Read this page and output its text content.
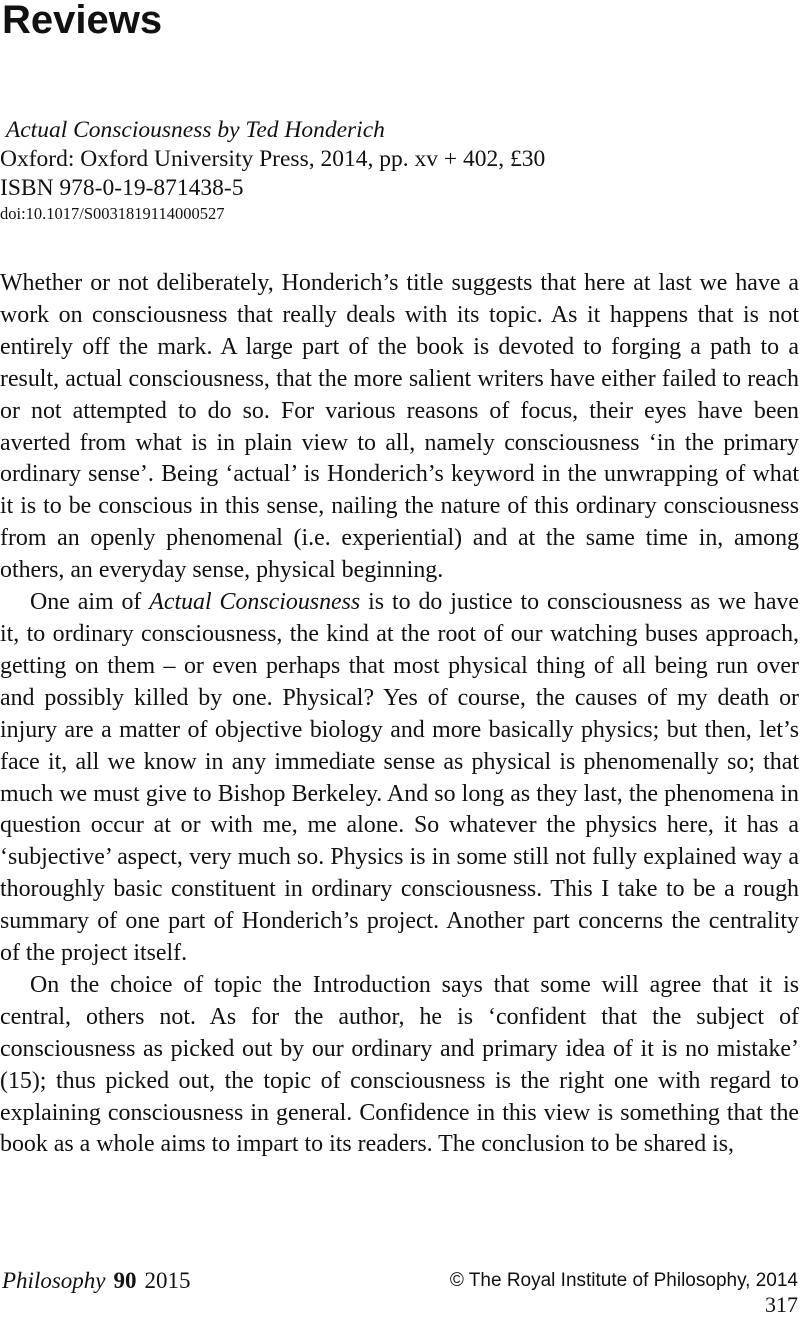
Reviews
Actual Consciousness by Ted Honderich
Oxford: Oxford University Press, 2014, pp. xv + 402, £30
ISBN 978-0-19-871438-5
doi:10.1017/S0031819114000527

Whether or not deliberately, Honderich’s title suggests that here at last we have a work on consciousness that really deals with its topic. As it happens that is not entirely off the mark. A large part of the book is devoted to forging a path to a result, actual consciousness, that the more salient writers have either failed to reach or not attempted to do so. For various reasons of focus, their eyes have been averted from what is in plain view to all, namely consciousness ‘in the primary ordinary sense’. Being ‘actual’ is Honderich’s keyword in the unwrapping of what it is to be conscious in this sense, nailing the nature of this ordinary consciousness from an openly phenomenal (i.e. experiential) and at the same time in, among others, an everyday sense, physical beginning.

One aim of Actual Consciousness is to do justice to consciousness as we have it, to ordinary consciousness, the kind at the root of our watching buses approach, getting on them – or even perhaps that most physical thing of all being run over and possibly killed by one. Physical? Yes of course, the causes of my death or injury are a matter of objective biology and more basically physics; but then, let’s face it, all we know in any immediate sense as physical is phenomenally so; that much we must give to Bishop Berkeley. And so long as they last, the phenomena in question occur at or with me, me alone. So whatever the physics here, it has a ‘subjective’ aspect, very much so. Physics is in some still not fully explained way a thoroughly basic constituent in ordinary consciousness. This I take to be a rough summary of one part of Honderich’s project. Another part concerns the centrality of the project itself.

On the choice of topic the Introduction says that some will agree that it is central, others not. As for the author, he is ‘confident that the subject of consciousness as picked out by our ordinary and primary idea of it is no mistake’ (15); thus picked out, the topic of consciousness is the right one with regard to explaining consciousness in general. Confidence in this view is something that the book as a whole aims to impart to its readers. The conclusion to be shared is,

Philosophy 90 2015	© The Royal Institute of Philosophy, 2014
317
